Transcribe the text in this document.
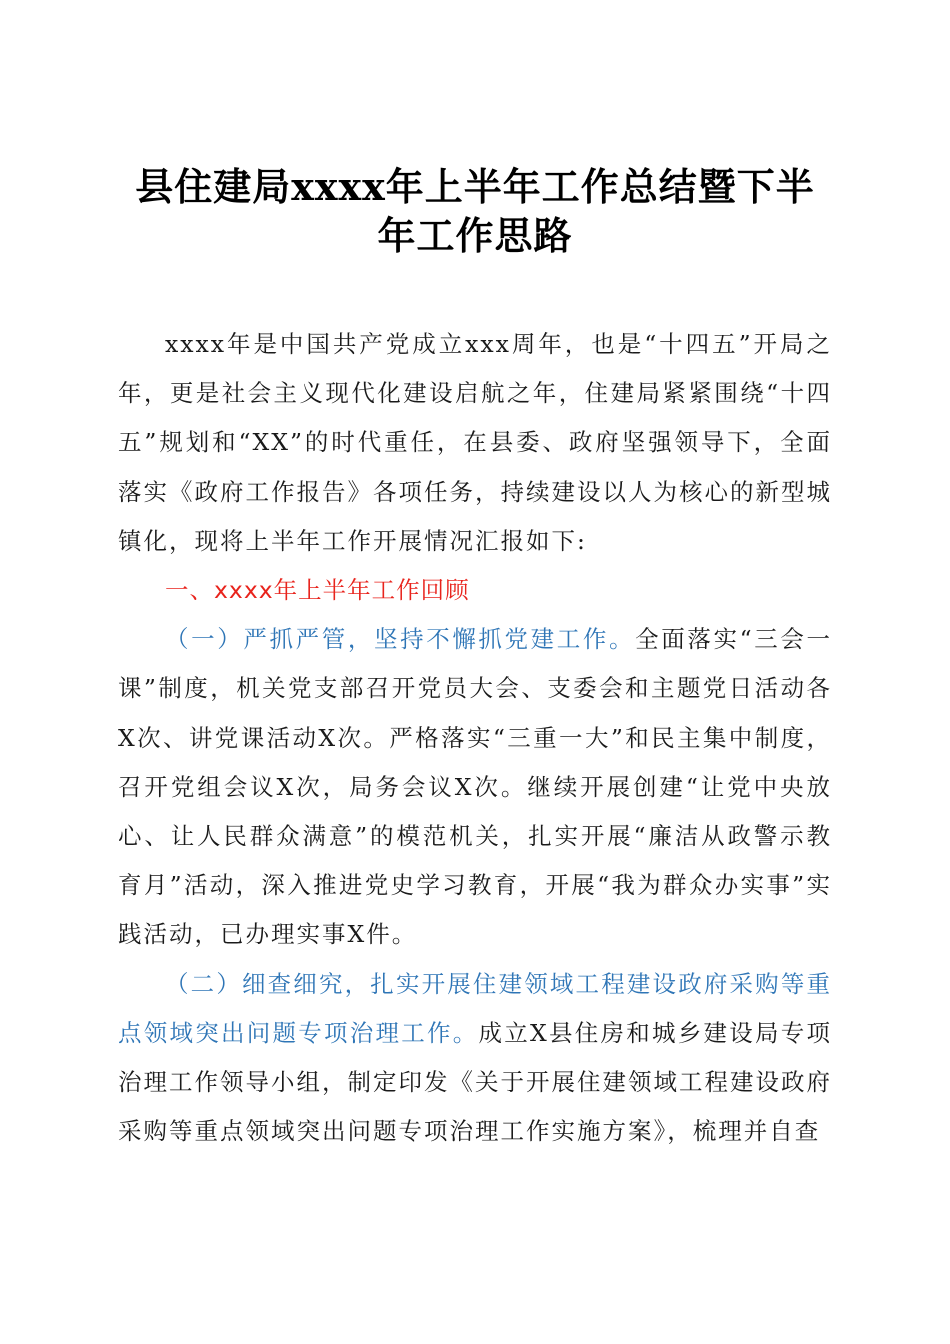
县住建局xxxx年上半年工作总结暨下半年工作思路

xxxx年是中国共产党成立xxx周年，也是“十四五”开局之年，更是社会主义现代化建设启航之年，住建局紧紧围绕“十四五”规划和“XX”的时代重任，在县委、政府坚强领导下，全面落实《政府工作报告》各项任务，持续建设以人为核心的新型城镇化，现将上半年工作开展情况汇报如下:

一、xxxx年上半年工作回顾

（一）严抓严管，坚持不懈抓党建工作。全面落实“三会一课”制度，机关党支部召开党员大会、支委会和主题党日活动各X次、讲党课活动X次。严格落实“三重一大”和民主集中制度，召开党组会议X次，局务会议X次。继续开展创建“让党中央放心、让人民群众满意”的模范机关，扎实开展“廉洁从政警示教育月”活动，深入推进党史学习教育，开展“我为群众办实事”实践活动，已办理实事X件。

（二）细查细究，扎实开展住建领域工程建设政府采购等重点领域突出问题专项治理工作。成立X县住房和城乡建设局专项治理工作领导小组，制定印发《关于开展住建领域工程建设政府采购等重点领域突出问题专项治理工作实施方案》，梳理并自查
